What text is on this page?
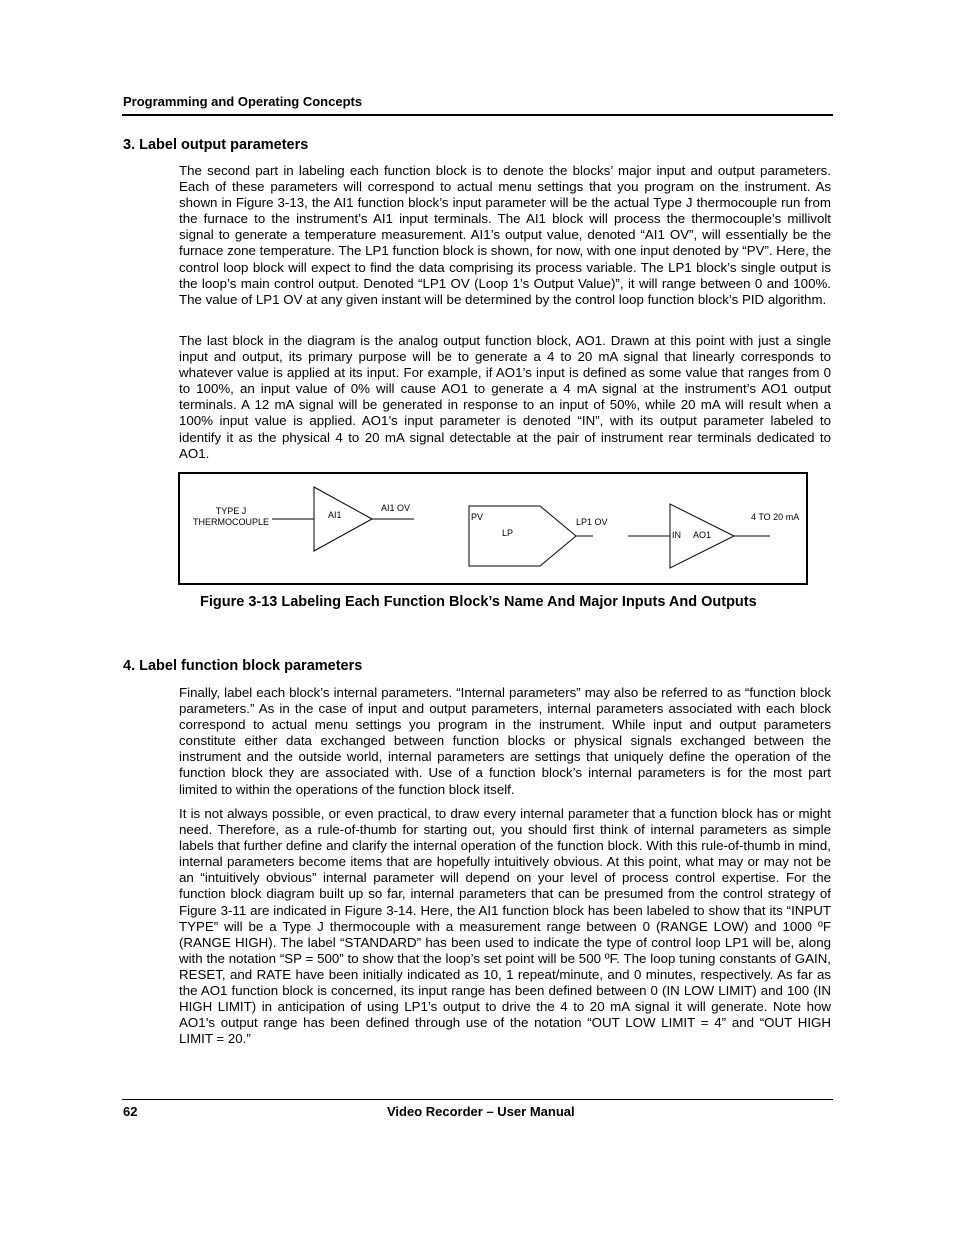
Programming and Operating Concepts
3. Label output parameters
The second part in labeling each function block is to denote the blocks’ major input and output parameters. Each of these parameters will correspond to actual menu settings that you program on the instrument. As shown in Figure 3-13, the AI1 function block’s input parameter will be the actual Type J thermocouple run from the furnace to the instrument’s AI1 input terminals. The AI1 block will process the thermocouple’s millivolt signal to generate a temperature measurement. AI1’s output value, denoted “AI1 OV”, will essentially be the furnace zone temperature. The LP1 function block is shown, for now, with one input denoted by “PV”. Here, the control loop block will expect to find the data comprising its process variable. The LP1 block’s single output is the loop’s main control output. Denoted “LP1 OV (Loop 1’s Output Value)”, it will range between 0 and 100%. The value of LP1 OV at any given instant will be determined by the control loop function block’s PID algorithm.
The last block in the diagram is the analog output function block, AO1. Drawn at this point with just a single input and output, its primary purpose will be to generate a 4 to 20 mA signal that linearly corresponds to whatever value is applied at its input. For example, if AO1’s input is defined as some value that ranges from 0 to 100%, an input value of 0% will cause AO1 to generate a 4 mA signal at the instrument’s AO1 output terminals. A 12 mA signal will be generated in response to an input of 50%, while 20 mA will result when a 100% input value is applied. AO1’s input parameter is denoted “IN”, with its output parameter labeled to identify it as the physical 4 to 20 mA signal detectable at the pair of instrument rear terminals dedicated to AO1.
TYPE J
THERMOCOUPLE
AI1
AI1 OV
PV
LP
LP1 OV
IN AO1
4 TO 20 mA
Figure 3-13 Labeling Each Function Block’s Name And Major Inputs And Outputs
4. Label function block parameters
Finally, label each block’s internal parameters. “Internal parameters” may also be referred to as “function block parameters.” As in the case of input and output parameters, internal parameters associated with each block correspond to actual menu settings you program in the instrument. While input and output parameters constitute either data exchanged between function blocks or physical signals exchanged between the instrument and the outside world, internal parameters are settings that uniquely define the operation of the function block they are associated with. Use of a function block’s internal parameters is for the most part limited to within the operations of the function block itself.
It is not always possible, or even practical, to draw every internal parameter that a function block has or might need. Therefore, as a rule-of-thumb for starting out, you should first think of internal parameters as simple labels that further define and clarify the internal operation of the function block. With this rule-of-thumb in mind, internal parameters become items that are hopefully intuitively obvious. At this point, what may or may not be an “intuitively obvious” internal parameter will depend on your level of process control expertise. For the function block diagram built up so far, internal parameters that can be presumed from the control strategy of Figure 3-11 are indicated in Figure 3-14. Here, the AI1 function block has been labeled to show that its “INPUT TYPE” will be a Type J thermocouple with a measurement range between 0 (RANGE LOW) and 1000 ºF (RANGE HIGH). The label “STANDARD” has been used to indicate the type of control loop LP1 will be, along with the notation “SP = 500” to show that the loop’s set point will be 500 ºF. The loop tuning constants of GAIN, RESET, and RATE have been initially indicated as 10, 1 repeat/minute, and 0 minutes, respectively. As far as the AO1 function block is concerned, its input range has been defined between 0 (IN LOW LIMIT) and 100 (IN HIGH LIMIT) in anticipation of using LP1’s output to drive the 4 to 20 mA signal it will generate. Note how AO1’s output range has been defined through use of the notation “OUT LOW LIMIT = 4” and “OUT HIGH LIMIT = 20.”
62	Video Recorder – User Manual
